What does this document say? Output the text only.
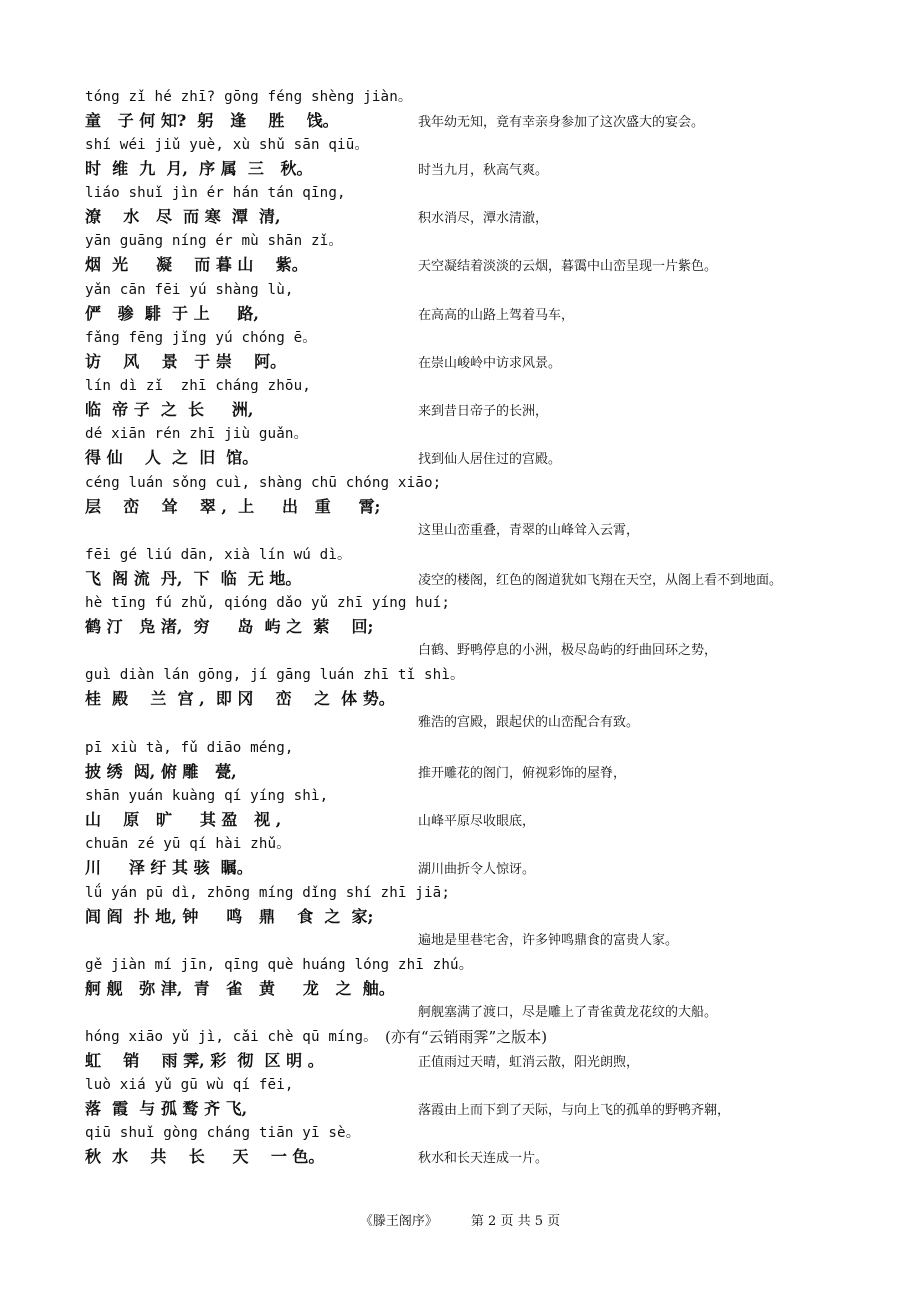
tóng zǐ hé zhī? gōng féng shèng jiàn。
童   子 何 知?  躬   逢    胜    饯。	我年幼无知，竟有幸亲身参加了这次盛大的宴会。
shí wéi jiǔ yuè, xù shǔ sān qiū。
时  维  九  月,  序 属  三   秋。	时当九月，秋高气爽。
liáo shuǐ jìn ér hán tán qīng,
潦    水   尽  而 寒  潭  清,	积水消尽，潭水清澈，
yān guāng níng ér mù shān zǐ。
烟  光     凝    而 暮 山    紫。	天空凝结着淡淡的云烟，暮霭中山峦呈现一片紫色。
yǎn cān fēi yú shàng lù,
俨   骖  騑  于 上     路,	在高高的山路上驾着马车，
fǎng fēng jǐng yú chóng ē。
访    风    景   于 崇    阿。	在崇山峻岭中访求风景。
lín dì zǐ  zhī cháng zhōu,
临  帝 子  之  长     洲,	来到昔日帝子的长洲，
dé xiān rén zhī jiù guǎn。
得 仙    人  之  旧  馆。	找到仙人居住过的宫殿。
céng luán sǒng cuì, shàng chū chóng xiāo;
层    峦    耸    翠 ,  上     出   重     霄;
这里山峦重叠，青翠的山峰耸入云霄，
fēi gé liú dān, xià lín wú dì。
飞  阁 流  丹,  下  临  无 地。	凌空的楼阁，红色的阁道犹如飞翔在天空，从阁上看不到地面。
hè tīng fú zhǔ, qióng dǎo yǔ zhī yíng huí;
鹤 汀   凫 渚,  穷     岛  屿 之  萦    回;
白鹤、野鸭停息的小洲，极尽岛屿的纡曲回环之势，
guì diàn lán gōng, jí gāng luán zhī tǐ shì。
桂  殿    兰  宫 ,  即 冈    峦    之  体 势。
雅浩的宫殿，跟起伏的山峦配合有致。
pī xiù tà, fǔ diāo méng,
披 绣  闼, 俯 雕   甍,	推开雕花的阁门，俯视彩饰的屋脊，
shān yuán kuàng qí yíng shì,
山    原   旷     其 盈   视 ,	山峰平原尽收眼底，
chuān zé yū qí hài zhǔ。
川     泽 纡 其 骇  瞩。	湖川曲折令人惊讶。
lǘ yán pū dì, zhōng míng dǐng shí zhī jiā;
闾 阎  扑 地, 钟     鸣   鼎    食  之  家;
遍地是里巷宅舍，许多钟鸣鼎食的富贵人家。
gě jiàn mí jīn, qīng què huáng lóng zhī zhú。
舸 舰   弥 津,  青   雀   黄     龙   之  舳。
舸舰塞满了渡口，尽是雕上了青雀黄龙花纹的大船。
hóng xiāo yǔ jì, cǎi chè qū míng。 (亦有“云销雨霁”之版本)
虹    销    雨 霁, 彩  彻  区 明 。	正值雨过天晴，虹消云散，阳光朗煦，
luò xiá yǔ gū wù qí fēi,
落  霞  与 孤 鹜 齐 飞,	落霞由上而下到了天际，与向上飞的孤单的野鸭齐翱，
qiū shuǐ gòng cháng tiān yī sè。
秋  水    共    长     天    一 色。	秋水和长天连成一片。
《滕王阁序》	第 2 页 共 5 页
